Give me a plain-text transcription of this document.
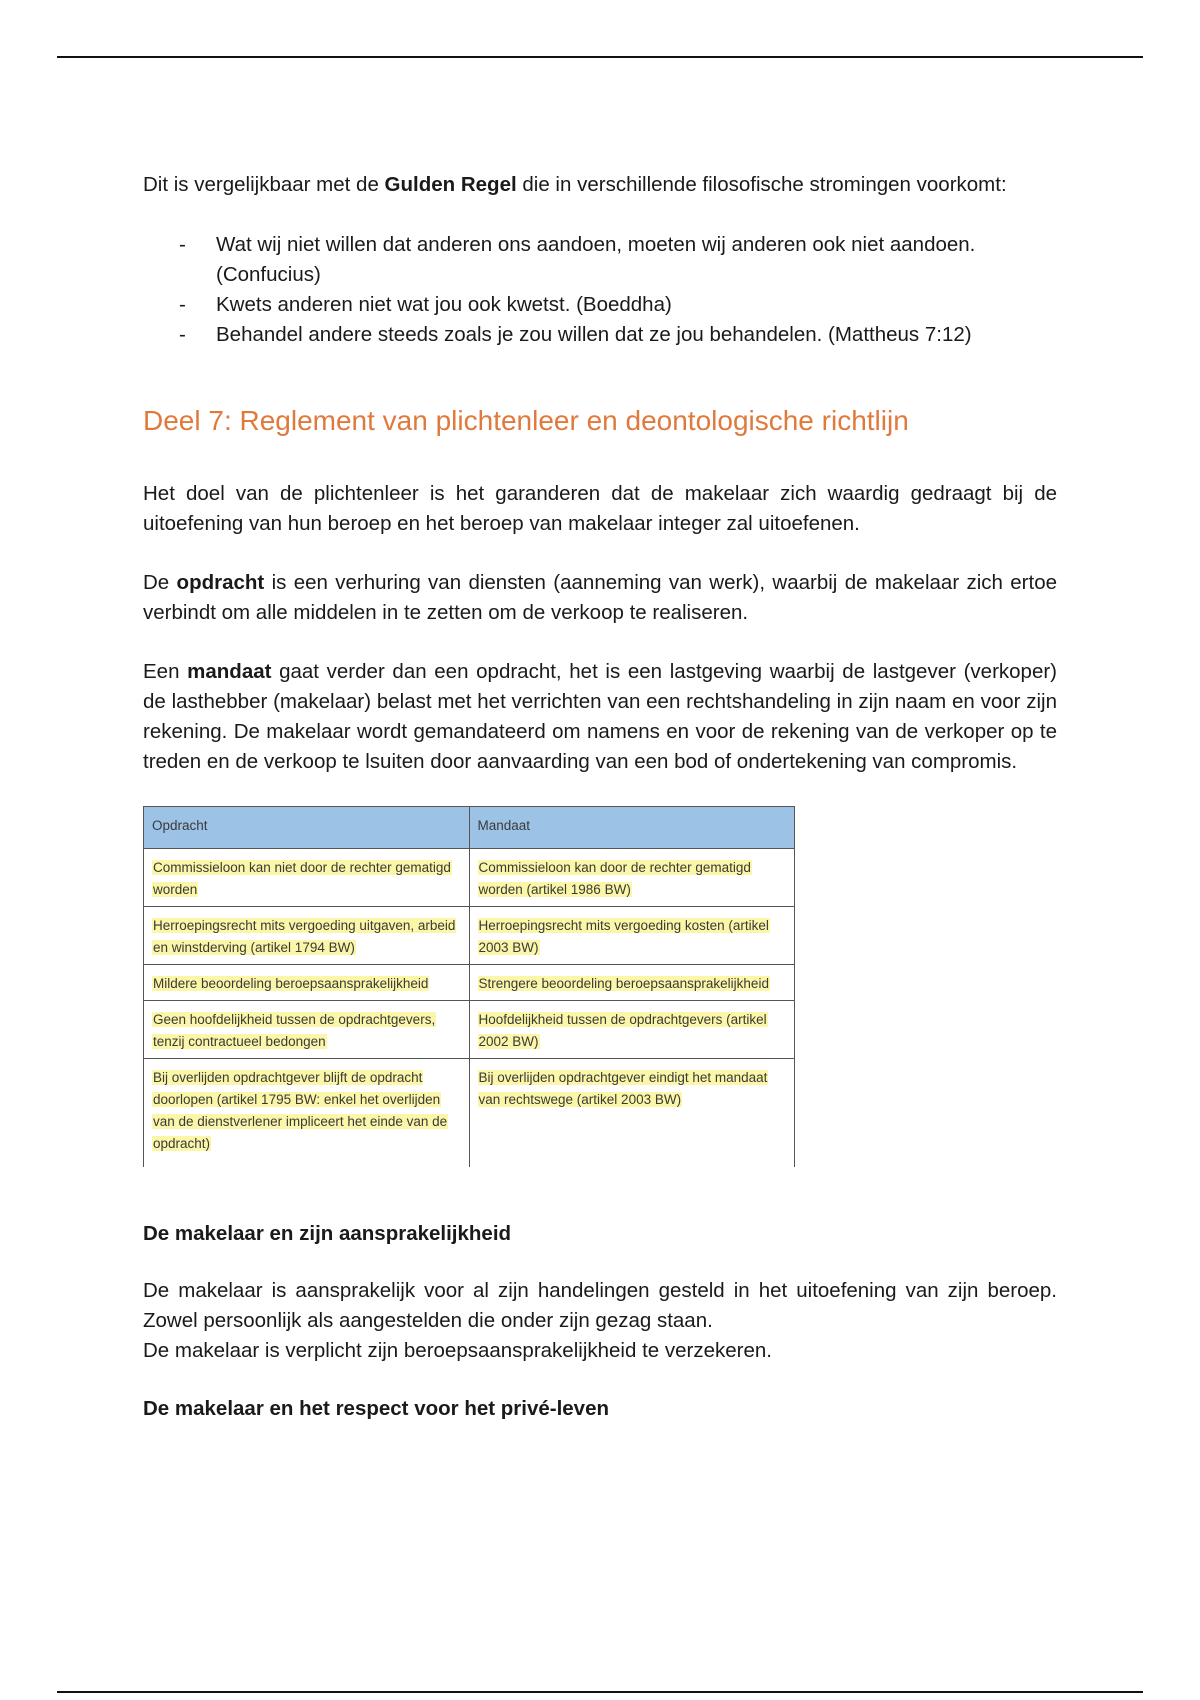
Dit is vergelijkbaar met de Gulden Regel die in verschillende filosofische stromingen voorkomt:

- Wat wij niet willen dat anderen ons aandoen, moeten wij anderen ook niet aandoen. (Confucius)
- Kwets anderen niet wat jou ook kwetst. (Boeddha)
- Behandel andere steeds zoals je zou willen dat ze jou behandelen. (Mattheus 7:12)
Deel 7: Reglement van plichtenleer en deontologische richtlijn

Het doel van de plichtenleer is het garanderen dat de makelaar zich waardig gedraagt bij de uitoefening van hun beroep en het beroep van makelaar integer zal uitoefenen.

De opdracht is een verhuring van diensten (aanneming van werk), waarbij de makelaar zich ertoe verbindt om alle middelen in te zetten om de verkoop te realiseren.

Een mandaat gaat verder dan een opdracht, het is een lastgeving waarbij de lastgever (verkoper) de lasthebber (makelaar) belast met het verrichten van een rechtshandeling in zijn naam en voor zijn rekening. De makelaar wordt gemandateerd om namens en voor de rekening van de verkoper op te treden en de verkoop te lsuiten door aanvaarding van een bod of ondertekening van compromis.

Opdracht	Mandaat
Commissieloon kan niet door de rechter gematigd worden	Commissieloon kan door de rechter gematigd worden (artikel 1986 BW)
Herroepingsrecht mits vergoeding uitgaven, arbeid en winstderving (artikel 1794 BW)	Herroepingsrecht mits vergoeding kosten (artikel 2003 BW)
Mildere beoordeling beroepsaansprakelijkheid	Strengere beoordeling beroepsaansprakelijkheid
Geen hoofdelijkheid tussen de opdrachtgevers, tenzij contractueel bedongen	Hoofdelijkheid tussen de opdrachtgevers (artikel 2002 BW)
Bij overlijden opdrachtgever blijft de opdracht doorlopen (artikel 1795 BW: enkel het overlijden van de dienstverlener impliceert het einde van de opdracht)	Bij overlijden opdrachtgever eindigt het mandaat van rechtswege (artikel 2003 BW)
De makelaar en zijn aansprakelijkheid

De makelaar is aansprakelijk voor al zijn handelingen gesteld in het uitoefening van zijn beroep. Zowel persoonlijk als aangestelden die onder zijn gezag staan.

De makelaar is verplicht zijn beroepsaansprakelijkheid te verzekeren.

De makelaar en het respect voor het privé-leven
